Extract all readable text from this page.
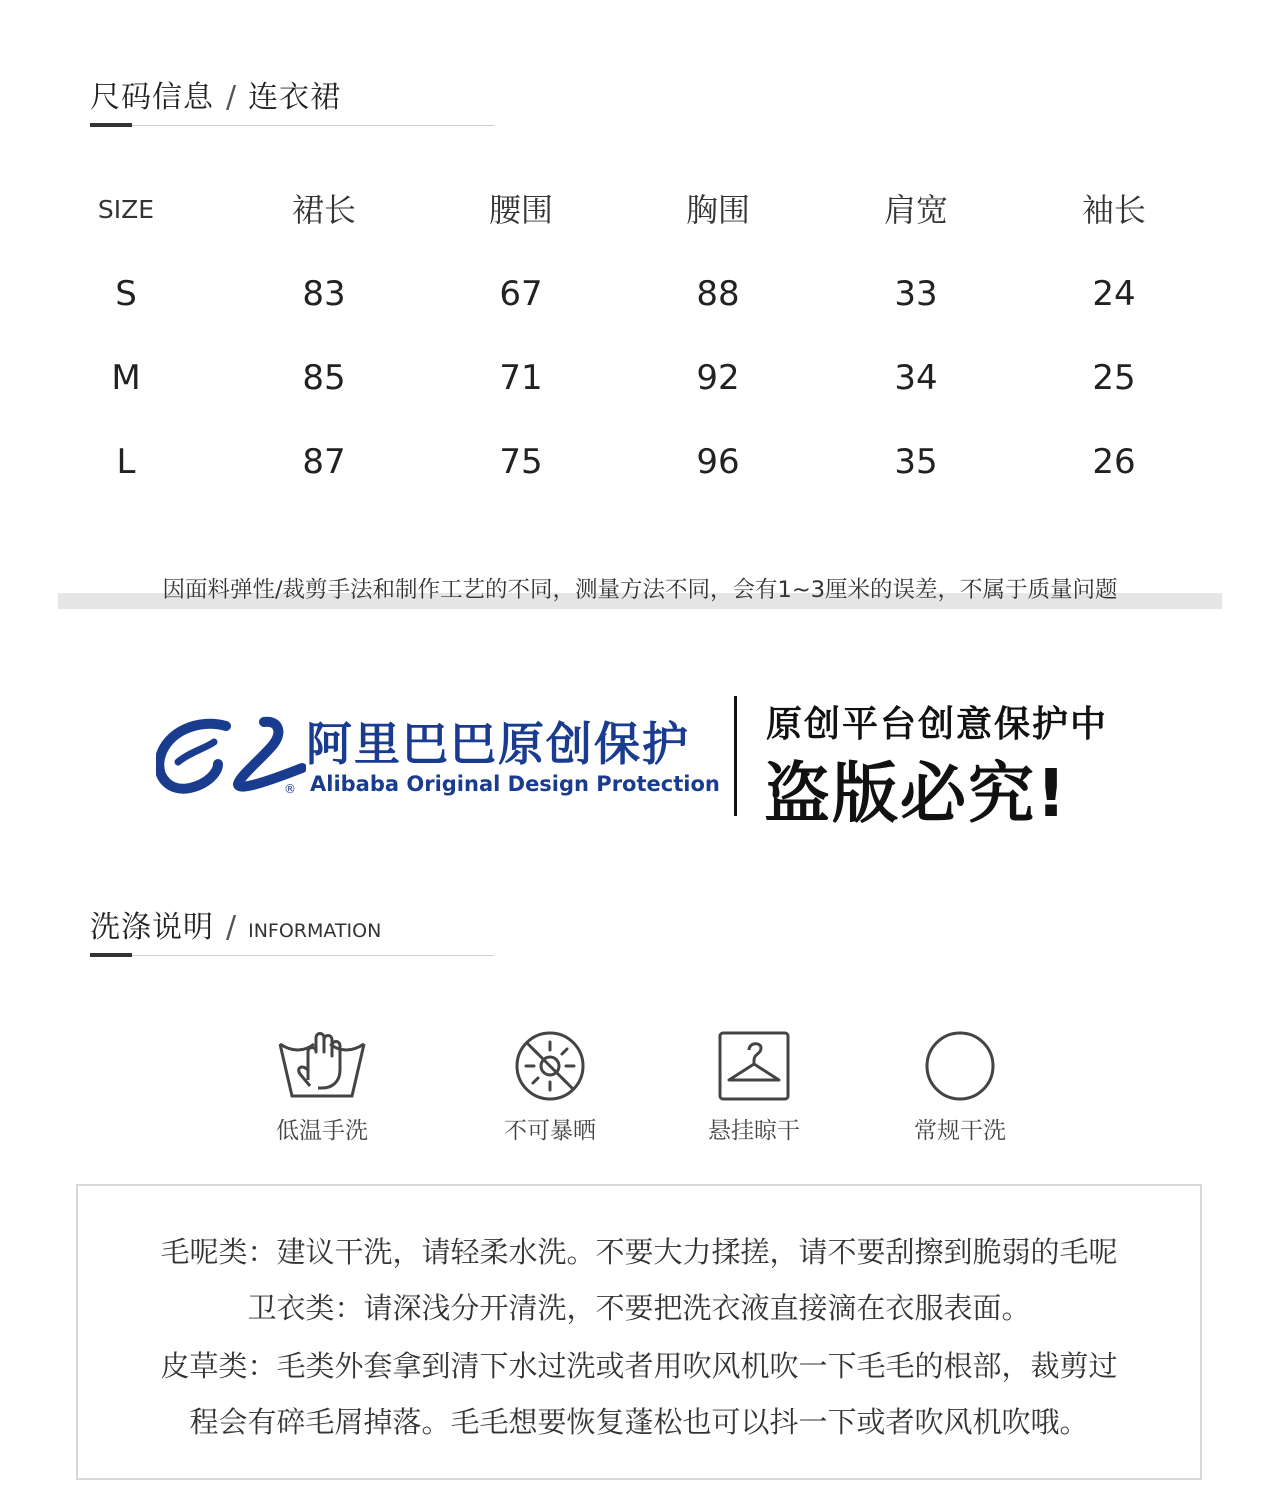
尺码信息 / 连衣裙
SIZE	裙长	腰围	胸围	肩宽	袖长
S	83	67	88	33	24
M	85	71	92	34	25
L	87	75	96	35	26
因面料弹性/裁剪手法和制作工艺的不同，测量方法不同，会有1~3厘米的误差，不属于质量问题
阿里巴巴原创保护
® Alibaba Original Design Protection
原创平台创意保护中
盗版必究!
洗涤说明 / INFORMATION
低温手洗	不可暴晒	悬挂晾干	常规干洗
毛呢类：建议干洗，请轻柔水洗。不要大力揉搓，请不要刮擦到脆弱的毛呢
卫衣类：请深浅分开清洗，不要把洗衣液直接滴在衣服表面。
皮草类：毛类外套拿到清下水过洗或者用吹风机吹一下毛毛的根部，裁剪过
程会有碎毛屑掉落。毛毛想要恢复蓬松也可以抖一下或者吹风机吹哦。
